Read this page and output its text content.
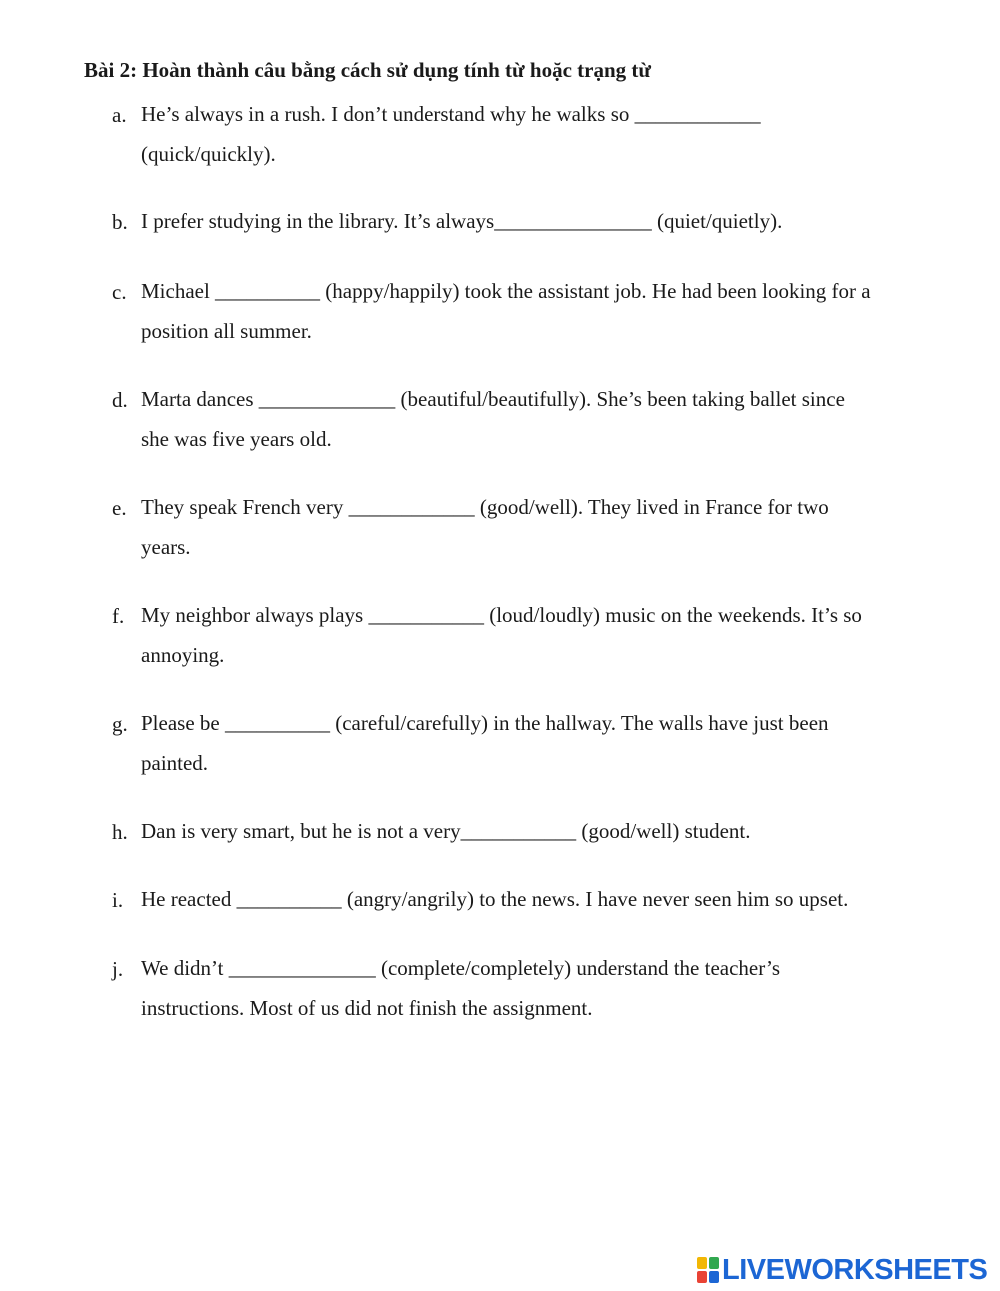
Bài 2: Hoàn thành câu bằng cách sử dụng tính từ hoặc trạng từ
a. He’s always in a rush. I don’t understand why he walks so ____________
(quick/quickly).
b. I prefer studying in the library. It’s always_______________ (quiet/quietly).
c. Michael __________ (happy/happily) took the assistant job. He had been looking for a
position all summer.
d. Marta dances _____________ (beautiful/beautifully). She’s been taking ballet since
she was five years old.
e. They speak French very ____________ (good/well). They lived in France for two
years.
f. My neighbor always plays ___________ (loud/loudly) music on the weekends. It’s so
annoying.
g. Please be __________ (careful/carefully) in the hallway. The walls have just been
painted.
h. Dan is very smart, but he is not a very___________ (good/well) student.
i. He reacted __________ (angry/angrily) to the news. I have never seen him so upset.
j. We didn’t ______________ (complete/completely) understand the teacher’s
instructions. Most of us did not finish the assignment.
LIVEWORKSHEETS
